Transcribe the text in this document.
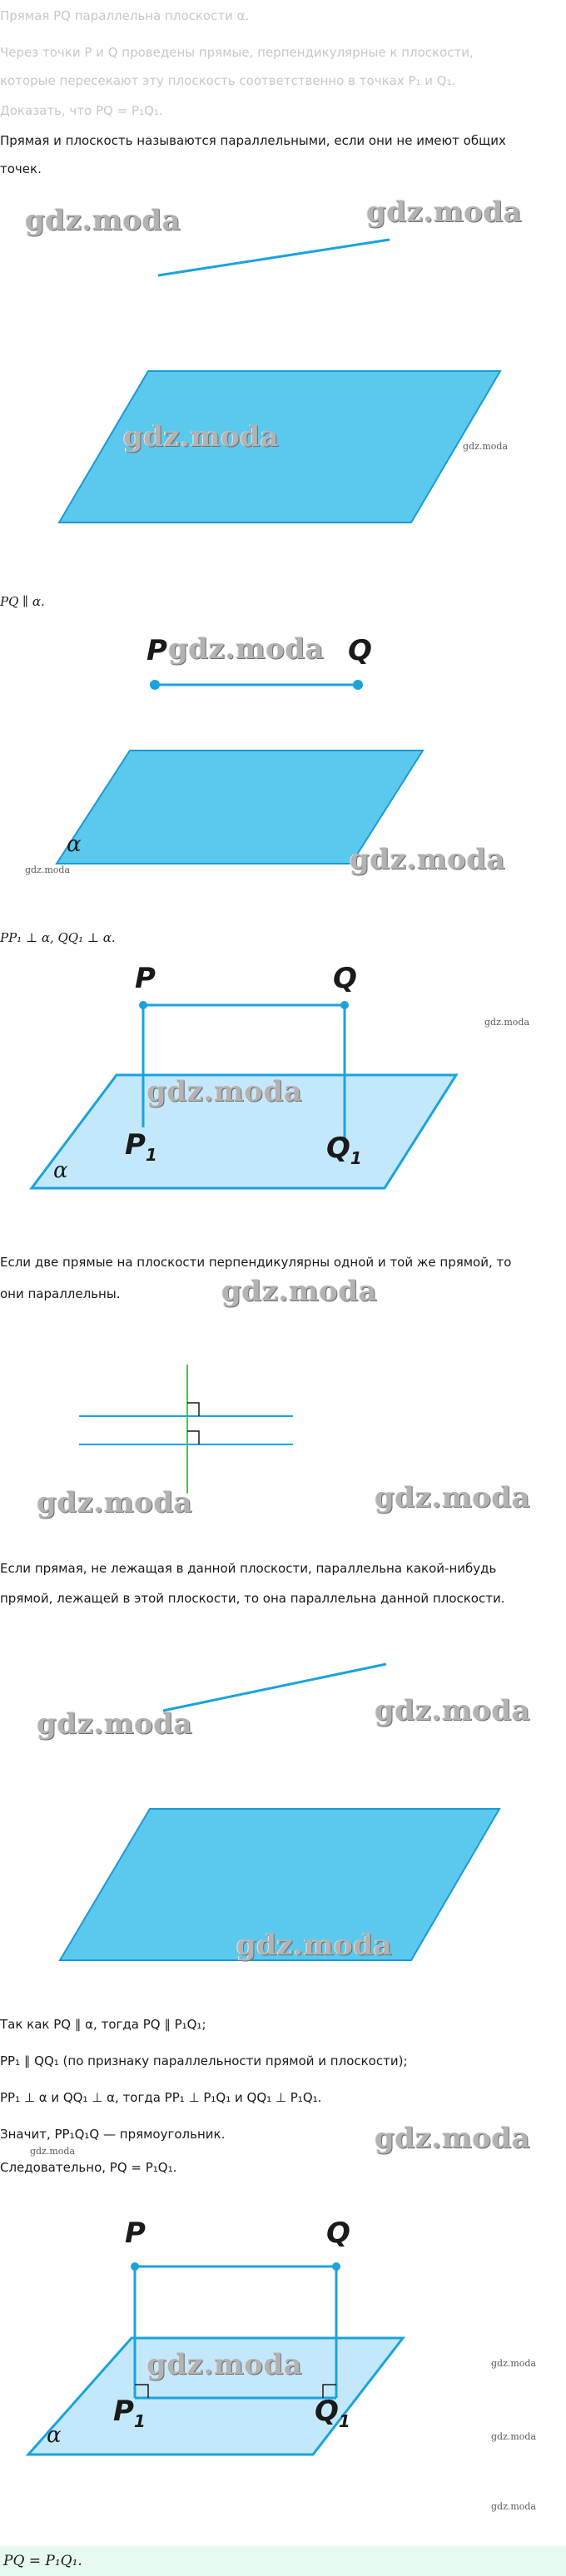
Прямая PQ параллельна плоскости α.
Через точки P и Q проведены прямые, перпендикулярные к плоскости,
которые пересекают эту плоскость соответственно в точках P₁ и Q₁.
Доказать, что PQ = P₁Q₁.
Прямая и плоскость называются параллельными, если они не имеют общих
точек.
gdz.moda	gdz.moda
gdz.moda	gdz.moda
PQ ∥ α.
P	Q
α
gdz.moda
gdz.moda
gdz.moda
PP₁ ⊥ α, QQ₁ ⊥ α.
P	Q
$P_1$	$Q_1$
α
gdz.moda
gdz.moda
Если две прямые на плоскости перпендикулярны одной и той же прямой, то
они параллельны.	gdz.moda
gdz.moda	gdz.moda
Если прямая, не лежащая в данной плоскости, параллельна какой-нибудь
прямой, лежащей в этой плоскости, то она параллельна данной плоскости.
gdz.moda	gdz.moda
gdz.moda
Так как PQ ∥ α, тогда PQ ∥ P₁Q₁;
PP₁ ∥ QQ₁ (по признаку параллельности прямой и плоскости);
PP₁ ⊥ α и QQ₁ ⊥ α, тогда PP₁ ⊥ P₁Q₁ и QQ₁ ⊥ P₁Q₁.
Значит, PP₁Q₁Q — прямоугольник.
Следовательно, PQ = P₁Q₁.
gdz.moda
gdz.moda
P	Q
$P_1$	$Q_1$
α
gdz.moda	gdz.moda
gdz.moda
gdz.moda
PQ = P₁Q₁.
